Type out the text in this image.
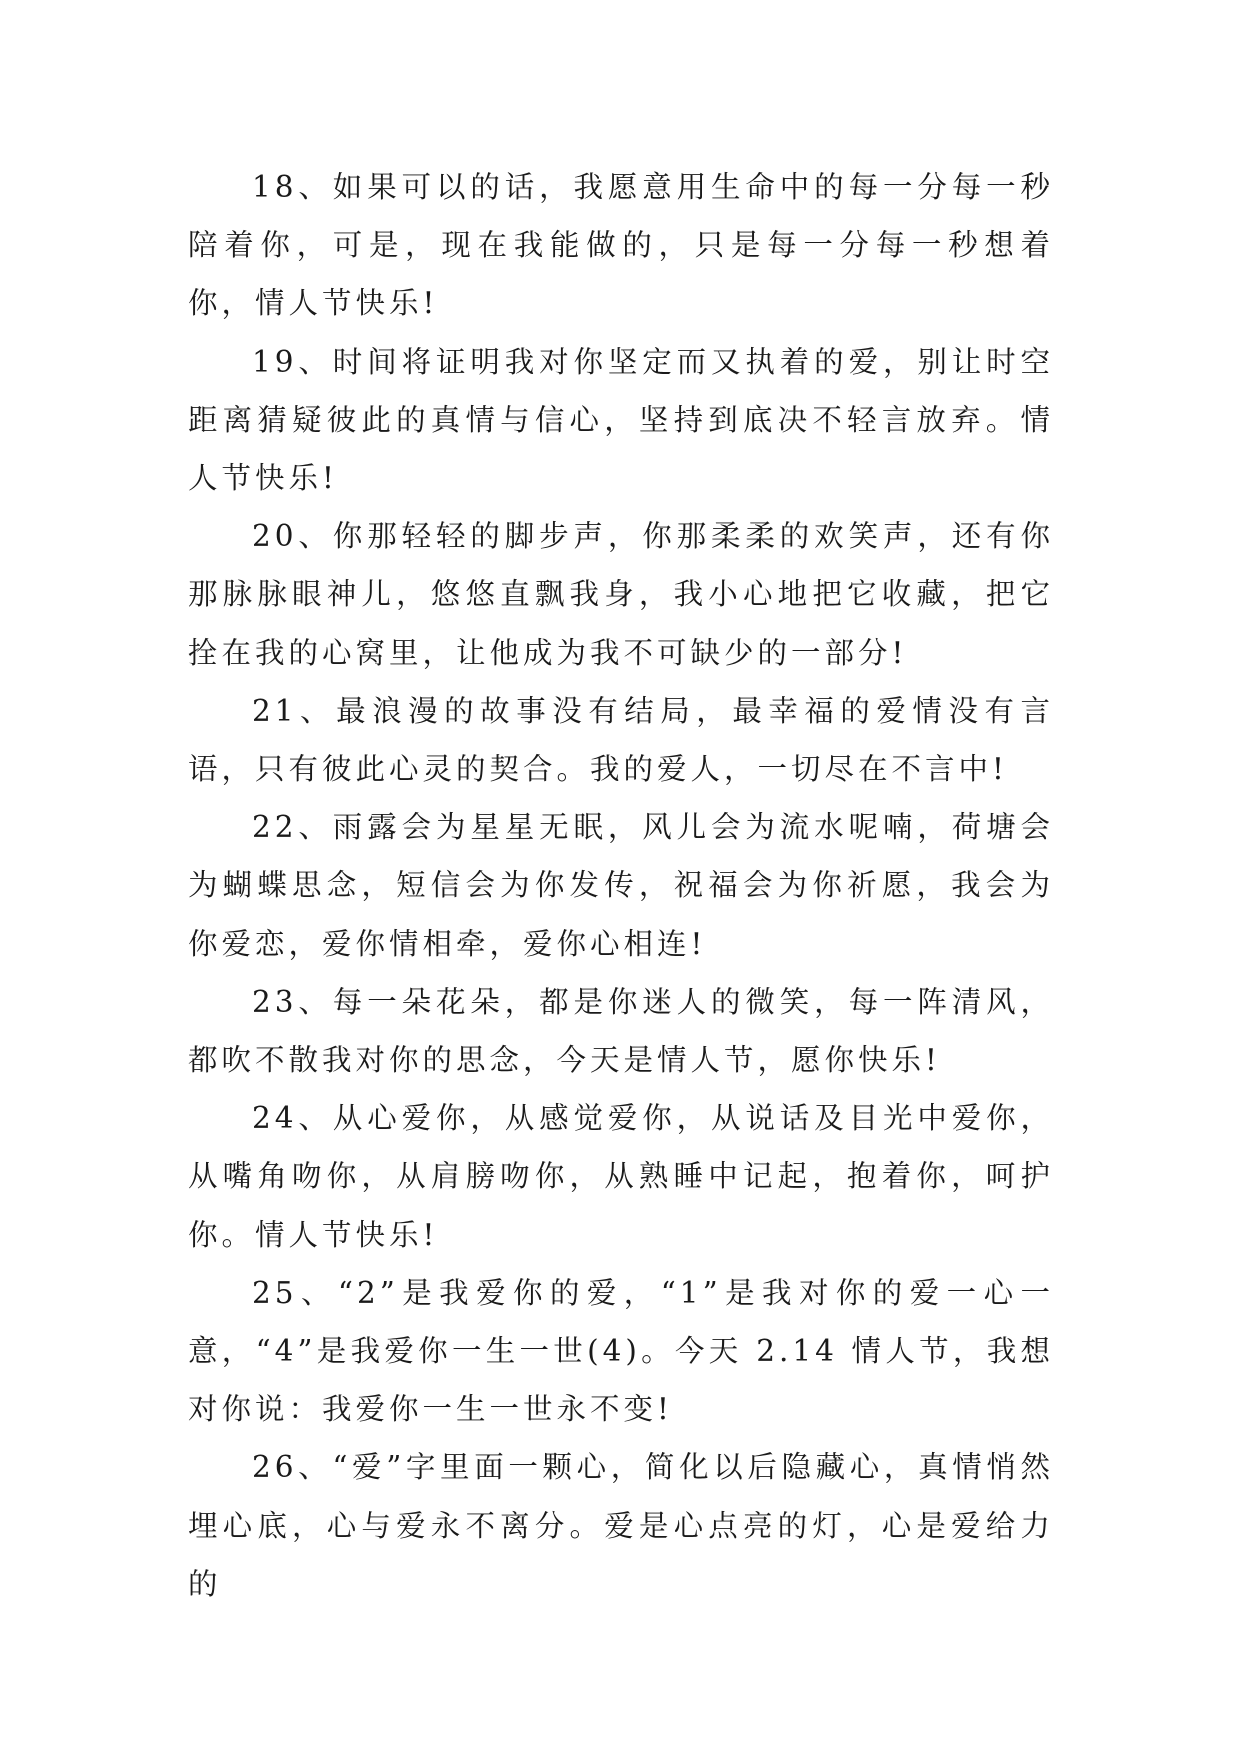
18、如果可以的话，我愿意用生命中的每一分每一秒陪着你，可是，现在我能做的，只是每一分每一秒想着你，情人节快乐!

19、时间将证明我对你坚定而又执着的爱，别让时空距离猜疑彼此的真情与信心，坚持到底决不轻言放弃。情人节快乐!

20、你那轻轻的脚步声，你那柔柔的欢笑声，还有你那脉脉眼神儿，悠悠直飘我身，我小心地把它收藏，把它拴在我的心窝里，让他成为我不可缺少的一部分!

21、最浪漫的故事没有结局，最幸福的爱情没有言语，只有彼此心灵的契合。我的爱人，一切尽在不言中!

22、雨露会为星星无眠，风儿会为流水呢喃，荷塘会为蝴蝶思念，短信会为你发传，祝福会为你祈愿，我会为你爱恋，爱你情相牵，爱你心相连!

23、每一朵花朵，都是你迷人的微笑，每一阵清风，都吹不散我对你的思念，今天是情人节，愿你快乐!

24、从心爱你，从感觉爱你，从说话及目光中爱你，从嘴角吻你，从肩膀吻你，从熟睡中记起，抱着你，呵护你。情人节快乐!

25、“2”是我爱你的爱，“1”是我对你的爱一心一意，“4”是我爱你一生一世(4)。今天 2.14 情人节，我想对你说：我爱你一生一世永不变!

26、“爱”字里面一颗心，简化以后隐藏心，真情悄然埋心底，心与爱永不离分。爱是心点亮的灯，心是爱给力的
